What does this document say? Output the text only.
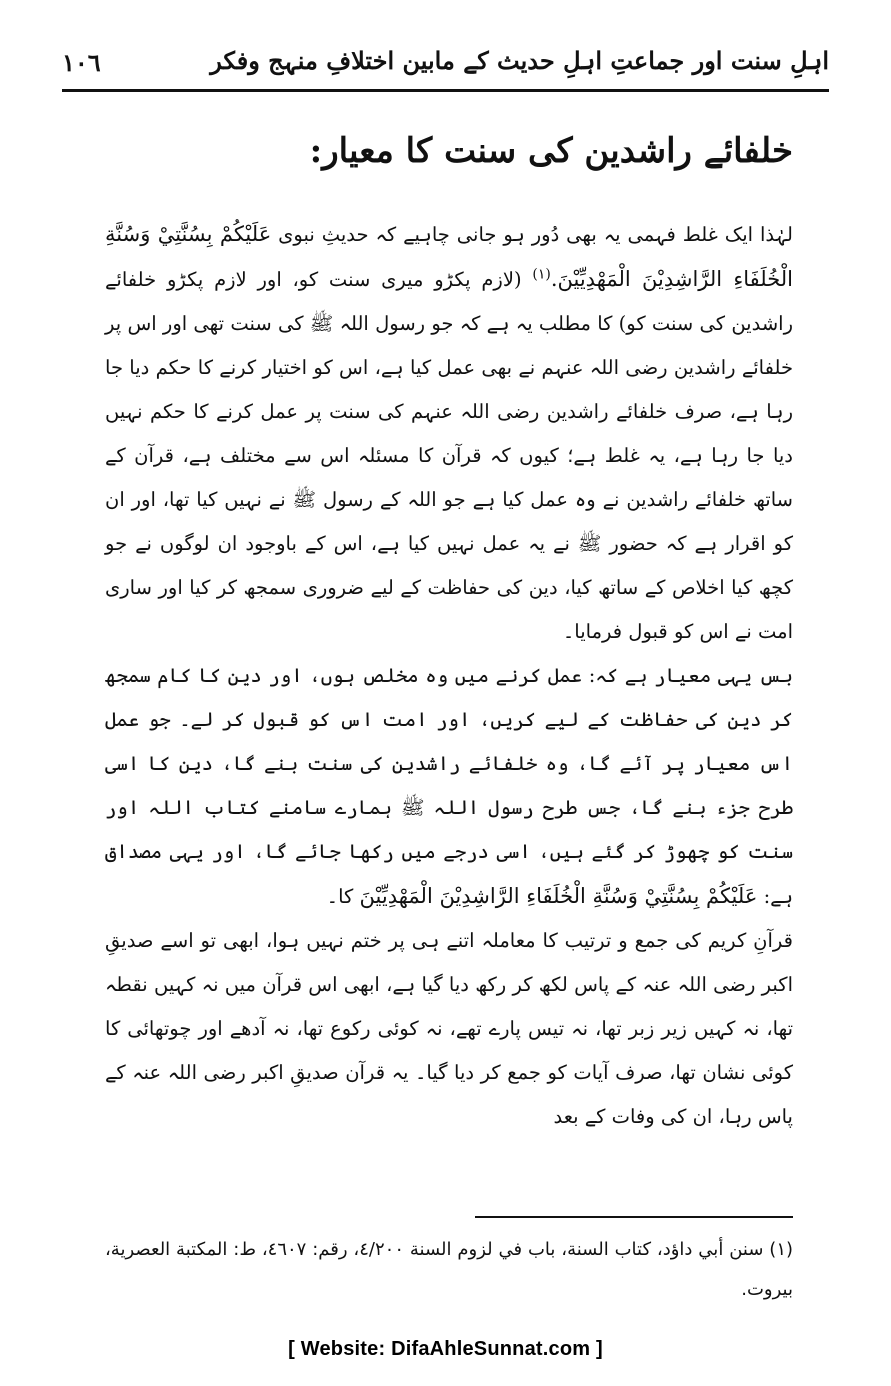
اہلِ سنت اور جماعتِ اہلِ حدیث کے مابین اختلافِ منہج وفکر
١٠٦
خلفائے راشدین کی سنت کا معیار:

لہٰذا ایک غلط فہمی یہ بھی دُور ہو جانی چاہیے کہ حدیثِ نبوی عَلَيْكُمْ بِسُنَّتِيْ وَسُنَّةِ الْخُلَفَاءِ الرَّاشِدِيْنَ الْمَهْدِيِّيْنَ.$^{(١)}$ (لازم پکڑو میری سنت کو، اور لازم پکڑو خلفائے راشدین کی سنت کو) کا مطلب یہ ہے کہ جو رسول اللہ ﷺ کی سنت تھی اور اس پر خلفائے راشدین رضی اللہ عنہم نے بھی عمل کیا ہے، اس کو اختیار کرنے کا حکم دیا جا رہا ہے، صرف خلفائے راشدین رضی اللہ عنہم کی سنت پر عمل کرنے کا حکم نہیں دیا جا رہا ہے، یہ غلط ہے؛ کیوں کہ قرآن کا مسئلہ اس سے مختلف ہے، قرآن کے ساتھ خلفائے راشدین نے وہ عمل کیا ہے جو اللہ کے رسول ﷺ نے نہیں کیا تھا، اور ان کو اقرار ہے کہ حضور ﷺ نے یہ عمل نہیں کیا ہے، اس کے باوجود ان لوگوں نے جو کچھ کیا اخلاص کے ساتھ کیا، دین کی حفاظت کے لیے ضروری سمجھ کر کیا اور ساری امت نے اس کو قبول فرمایا۔

بس یہی معیار ہے کہ: عمل کرنے میں وہ مخلص ہوں، اور دین کا کام سمجھ کر دین کی حفاظت کے لیے کریں، اور امت اس کو قبول کر لے۔ جو عمل اس معیار پر آئے گا، وہ خلفائے راشدین کی سنت بنے گا، دین کا اسی طرح جزء بنے گا، جس طرح رسول اللہ ﷺ ہمارے سامنے کتاب اللہ اور سنت کو چھوڑ کر گئے ہیں، اسی درجے میں رکھا جائے گا، اور یہی مصداق ہے: عَلَيْكُمْ بِسُنَّتِيْ وَسُنَّةِ الْخُلَفَاءِ الرَّاشِدِيْنَ الْمَهْدِيِّيْنَ کا۔

قرآنِ کریم کی جمع و ترتیب کا معاملہ اتنے ہی پر ختم نہیں ہوا، ابھی تو اسے صدیقِ اکبر رضی اللہ عنہ کے پاس لکھ کر رکھ دیا گیا ہے، ابھی اس قرآن میں نہ کہیں نقطہ تھا، نہ کہیں زیر زبر تھا، نہ تیس پارے تھے، نہ کوئی رکوع تھا، نہ آدھے اور چوتھائی کا کوئی نشان تھا، صرف آیات کو جمع کر دیا گیا۔ یہ قرآن صدیقِ اکبر رضی اللہ عنہ کے پاس رہا، ان کی وفات کے بعد

(١) سنن أبي داؤد، كتاب السنة، باب في لزوم السنة ٤/٢٠٠، رقم: ٤٦٠٧، ط: المكتبة العصرية، بيروت.

[ Website: DifaAhleSunnat.com ]
